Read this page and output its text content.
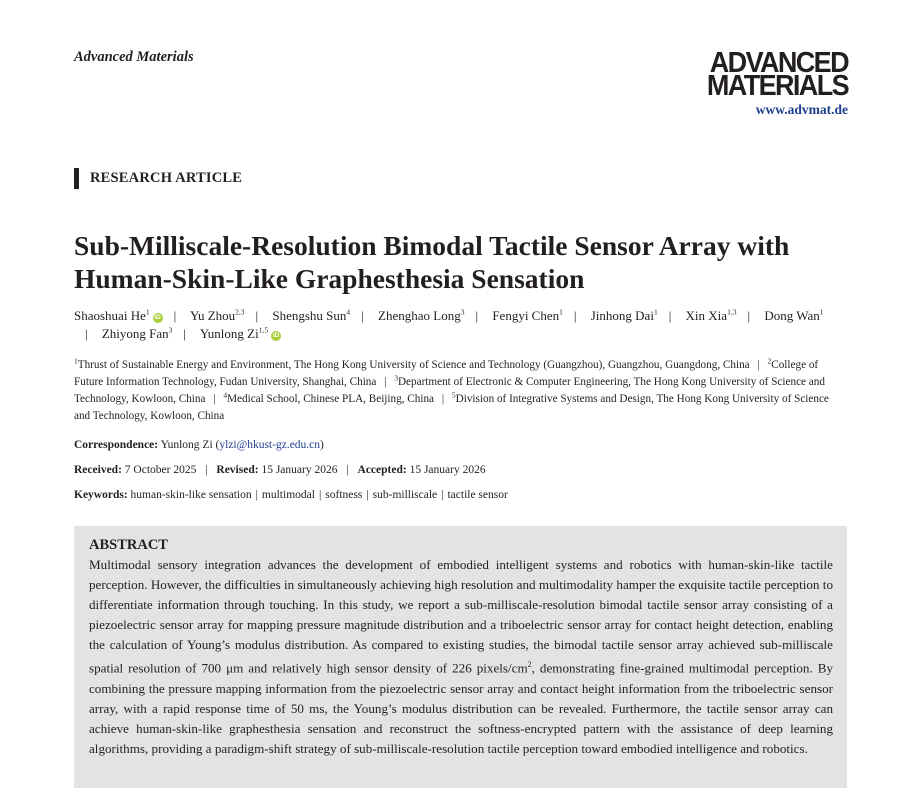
Advanced Materials	ADVANCED
MATERIALS
www.advmat.de
RESEARCH ARTICLE
Sub-Milliscale-Resolution Bimodal Tactile Sensor Array with Human-Skin-Like Graphesthesia Sensation
Shaoshuai He$^1$iD | Yu Zhou$^{2,3}$ | Shengshu Sun$^4$ | Zhenghao Long$^3$ | Fengyi Chen$^1$ | Jinhong Dai$^1$ | Xin Xia$^{1,3}$ | Dong Wan$^1$| Zhiyong Fan$^3$ | Yunlong Zi$^{1,5}$iD
$^1$Thrust of Sustainable Energy and Environment, The Hong Kong University of Science and Technology (Guangzhou), Guangzhou, Guangdong, China | $^2$College of Future Information Technology, Fudan University, Shanghai, China | $^3$Department of Electronic & Computer Engineering, The Hong Kong University of Science and Technology, Kowloon, China | $^4$Medical School, Chinese PLA, Beijing, China | $^5$Division of Integrative Systems and Design, The Hong Kong University of Science and Technology, Kowloon, China
Correspondence: Yunlong Zi (ylzi@hkust-gz.edu.cn)
Received: 7 October 2025 | Revised: 15 January 2026 | Accepted: 15 January 2026
Keywords: human-skin-like sensation | multimodal | softness | sub-milliscale | tactile sensor
ABSTRACT

Multimodal sensory integration advances the development of embodied intelligent systems and robotics with human-skin-like tactile perception. However, the difficulties in simultaneously achieving high resolution and multimodality hamper the exquisite tactile perception to differentiate information through touching. In this study, we report a sub-milliscale-resolution bimodal tactile sensor array consisting of a piezoelectric sensor array for mapping pressure magnitude distribution and a triboelectric sensor array for contact height detection, enabling the calculation of Young’s modulus distribution. As compared to existing studies, the bimodal tactile sensor array achieved sub-milliscale spatial resolution of 700 μm and relatively high sensor density of 226 pixels/$cm^2$, demonstrating fine-grained multimodal perception. By combining the pressure mapping information from the piezoelectric sensor array and contact height information from the triboelectric sensor array, with a rapid response time of 50 ms, the Young’s modulus distribution can be revealed. Furthermore, the tactile sensor array can achieve human-skin-like graphesthesia sensation and reconstruct the softness-encrypted pattern with the assistance of deep learning algorithms, providing a paradigm-shift strategy of sub-milliscale-resolution tactile perception toward embodied intelligence and robotics.
